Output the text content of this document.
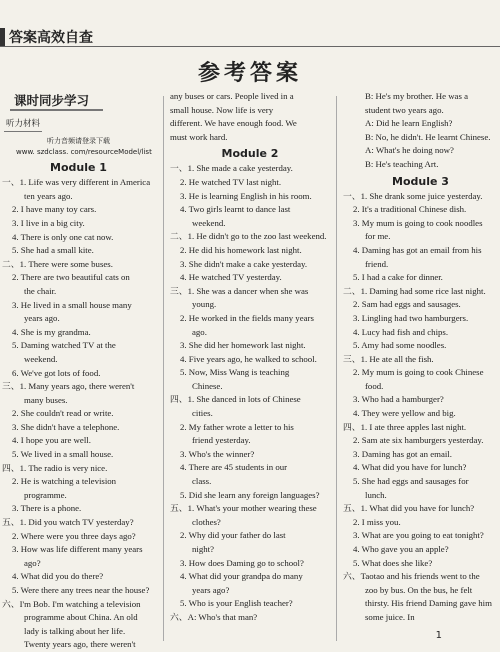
答案高效自查
参考答案
课时同步学习
听力材料
听力音频请登录下载
www. szdclass. com/resourceModel/list
Module 1
一、1. Life was very different in America
ten years ago.
2. I have many toy cars.
3. I live in a big city.
4. There is only one cat now.
5. She had a small kite.
二、1. There were some buses.
2. There are two beautiful cats on
the chair.
3. He lived in a small house many
years ago.
4. She is my grandma.
5. Daming watched TV at the
weekend.
6. We've got lots of food.
三、1. Many years ago, there weren't
many buses.
2. She couldn't read or write.
3. She didn't have a telephone.
4. I hope you are well.
5. We lived in a small house.
四、1. The radio is very nice.
2. He is watching a television programme.
3. There is a phone.
五、1. Did you watch TV yesterday?
2. Where were you three days ago?
3. How was life different many years
ago?
4. What did you do there?
5. Were there any trees near the house?
六、I'm Bob. I'm watching a television
programme about China. An old
lady is talking about her life.
Twenty years ago, there weren't
any buses or cars. People lived in a
small house. Now life is very
different. We have enough food. We
must work hard.
Module 2
一、1. She made a cake yesterday.
2. He watched TV last night.
3. He is learning English in his room.
4. Two girls learnt to dance last
weekend.
二、1. He didn't go to the zoo last weekend.
2. He did his homework last night.
3. She didn't make a cake yesterday.
4. He watched TV yesterday.
三、1. She was a dancer when she was
young.
2. He worked in the fields many years
ago.
3. She did her homework last night.
4. Five years ago, he walked to school.
5. Now, Miss Wang is teaching
Chinese.
四、1. She danced in lots of Chinese
cities.
2. My father wrote a letter to his
friend yesterday.
3. Who's the winner?
4. There are 45 students in our
class.
5. Did she learn any foreign languages?
五、1. What's your mother wearing these
clothes?
2. Why did your father do last
night?
3. How does Daming go to school?
4. What did your grandpa do many
years ago?
5. Who is your English teacher?
六、A: Who's that man?
B: He's my brother. He was a
student two years ago.
A: Did he learn English?
B: No, he didn't. He learnt Chinese.
A: What's he doing now?
B: He's teaching Art.
Module 3
一、1. She drank some juice yesterday.
2. It's a traditional Chinese dish.
3. My mum is going to cook noodles
for me.
4. Daming has got an email from his
friend.
5. I had a cake for dinner.
二、1. Daming had some rice last night.
2. Sam had eggs and sausages.
3. Lingling had two hamburgers.
4. Lucy had fish and chips.
5. Amy had some noodles.
三、1. He ate all the fish.
2. My mum is going to cook Chinese
food.
3. Who had a hamburger?
4. They were yellow and big.
四、1. I ate three apples last night.
2. Sam ate six hamburgers yesterday.
3. Daming has got an email.
4. What did you have for lunch?
5. She had eggs and sausages for
lunch.
五、1. What did you have for lunch?
2. I miss you.
3. What are you going to eat tonight?
4. Who gave you an apple?
5. What does she like?
六、Taotao and his friends went to the
zoo by bus. On the bus, he felt
thirsty. His friend Daming gave him
some juice. In
1
